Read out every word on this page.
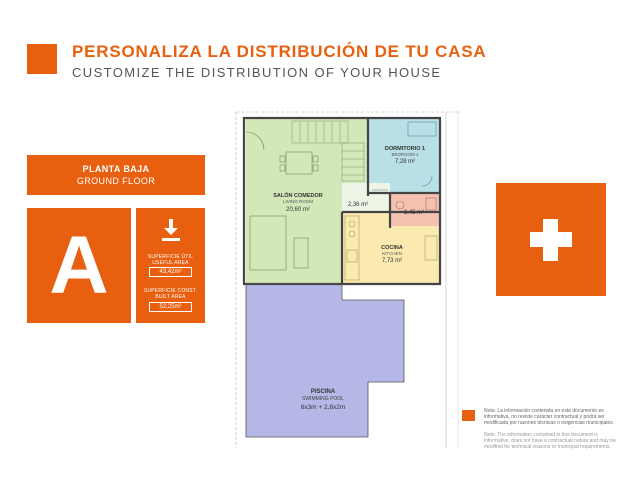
PERSONALIZA LA DISTRIBUCIÓN DE TU CASA
CUSTOMIZE THE DISTRIBUTION OF YOUR HOUSE
PLANTA BAJA
GROUND FLOOR
A	SUPERFICIE ÚTIL
USEFUL AREA
43,42m²
SUPERFICIE CONST.
BUILT AREA
52,25m²
DORMITORIO 1
BEDROOM 1
7,28 m²
SALÓN COMEDOR
LIVING ROOM
20,60 m²
2,36 m²
2,45 m²
COCINA
KITCHEN
7,73 m²
PISCINA
SWIMMING POOL
6x3m + 2,8x2m	Nota: La información contenida en este documento es informativa, no reviste carácter contractual y podrá ser modificada por razones técnicas o exigencias municipales.
Note: The information contained in this document is informative, does not have a contractual nature and may be modified for technical reasons or municipal requirements.
